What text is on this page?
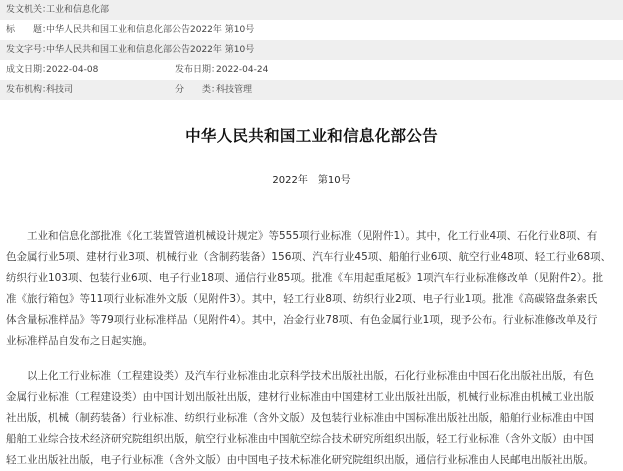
发文机关：
工业和信息化部
标　　题：
中华人民共和国工业和信息化部公告2022年 第10号
发文字号：
中华人民共和国工业和信息化部公告2022年 第10号
成文日期：
2022-04-08	发布日期：
2022-04-24
发布机构：
科技司	分　　类：
科技管理
中华人民共和国工业和信息化部公告
2022年　第10号
　　工业和信息化部批准《化工装置管道机械设计规定》等555项行业标准（见附件1）。其中，化工行业4项、石化行业8项、有
色金属行业5项、建材行业3项、机械行业（含制药装备）156项、汽车行业45项、船舶行业6项、航空行业48项、轻工行业68项、
纺织行业103项、包装行业6项、电子行业18项、通信行业85项。批准《车用起重尾板》1项汽车行业标准修改单（见附件2）。批
准《旅行箱包》等11项行业标准外文版（见附件3）。其中，轻工行业8项、纺织行业2项、电子行业1项。批准《高碳铬盘条索氏
体含量标准样品》等79项行业标准样品（见附件4）。其中，冶金行业78项、有色金属行业1项，现予公布。行业标准修改单及行
业标准样品自发布之日起实施。
　　以上化工行业标准（工程建设类）及汽车行业标准由北京科学技术出版社出版，石化行业标准由中国石化出版社出版，有色
金属行业标准（工程建设类）由中国计划出版社出版，建材行业标准由中国建材工业出版社出版，机械行业标准由机械工业出版
社出版，机械（制药装备）行业标准、纺织行业标准（含外文版）及包装行业标准由中国标准出版社出版，船舶行业标准由中国
船舶工业综合技术经济研究院组织出版，航空行业标准由中国航空综合技术研究所组织出版，轻工行业标准（含外文版）由中国
轻工业出版社出版，电子行业标准（含外文版）由中国电子技术标准化研究院组织出版，通信行业标准由人民邮电出版社出版。
